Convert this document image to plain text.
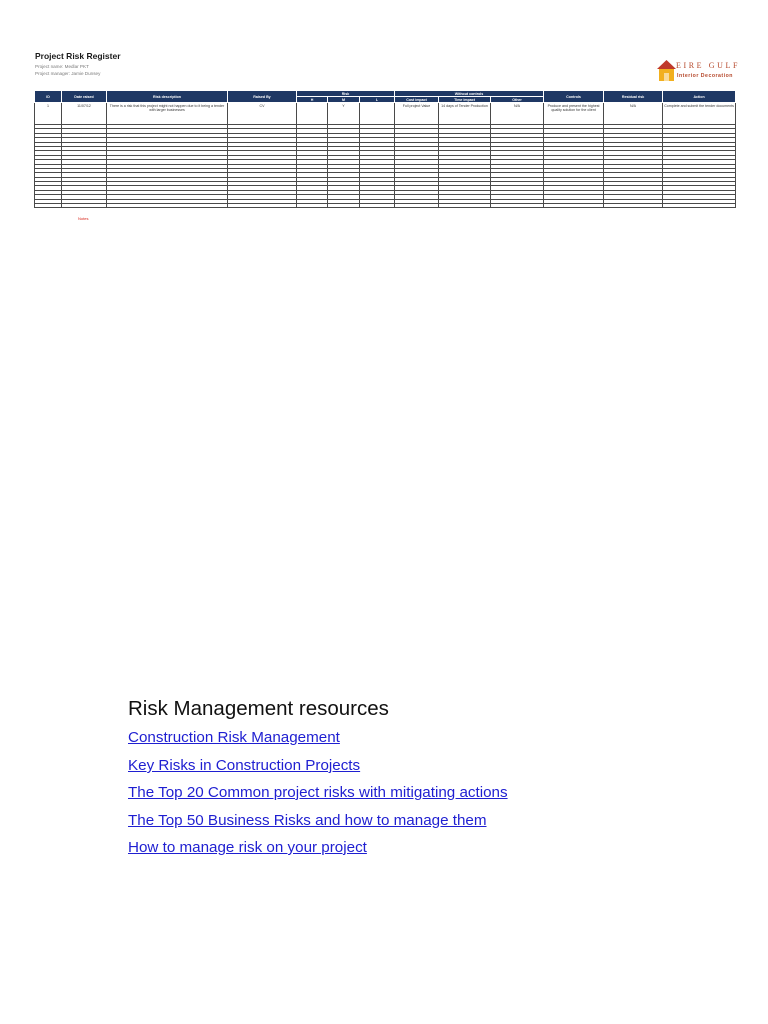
Project Risk Register
Project name: Medlar PKT
Project manager: Jamie Dunsey
EIRE GULF
Interior Decoration
ID	Date raised	Risk description	Raised By	Risk			Without controls			Controls	Residual risk	Action
				H	M	L	Cost impact	Time impact	Other			
1	11/07/12	There is a risk that this project might not happen due to it being a tender with larger businesses	CV		Y		Full project Value	14 days of Tender Production	N/A	Produce and present the highest quality solution for the client	N/A	Complete and submit the tender documents

Notes
Risk Management resources
Construction Risk Management
Key Risks in Construction Projects
The Top 20 Common project risks with mitigating actions
The Top 50 Business Risks and how to manage them
How to manage risk on your project
